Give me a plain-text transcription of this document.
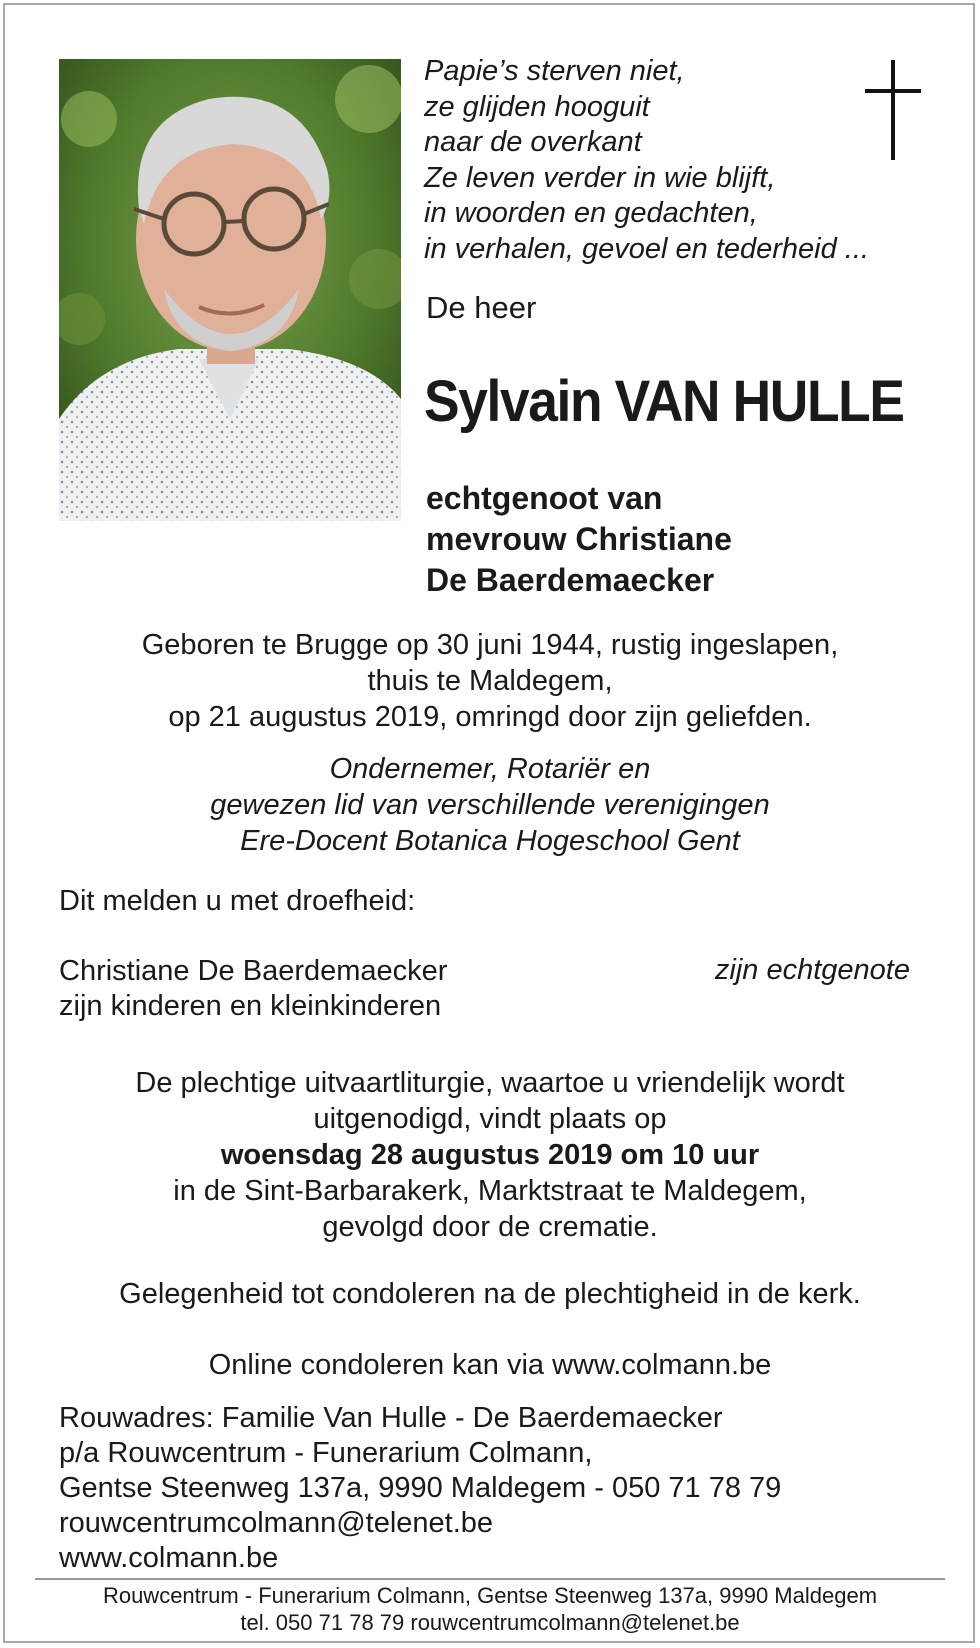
Papie’s sterven niet,
ze glijden hooguit
naar de overkant
Ze leven verder in wie blijft,
in woorden en gedachten,
in verhalen, gevoel en tederheid ...
De heer
Sylvain VAN HULLE
echtgenoot van
mevrouw Christiane
De Baerdemaecker
Geboren te Brugge op 30 juni 1944, rustig ingeslapen,
thuis te Maldegem,
op 21 augustus 2019, omringd door zijn geliefden.
Ondernemer, Rotariër en
gewezen lid van verschillende verenigingen
Ere-Docent Botanica Hogeschool Gent
Dit melden u met droefheid:
Christiane De Baerdemaecker
zijn kinderen en kleinkinderen
zijn echtgenote
De plechtige uitvaartliturgie, waartoe u vriendelijk wordt
uitgenodigd, vindt plaats op
woensdag 28 augustus 2019 om 10 uur
in de Sint-Barbarakerk, Marktstraat te Maldegem,
gevolgd door de crematie.
Gelegenheid tot condoleren na de plechtigheid in de kerk.
Online condoleren kan via www.colmann.be
Rouwadres: Familie Van Hulle - De Baerdemaecker
p/a Rouwcentrum - Funerarium Colmann,
Gentse Steenweg 137a, 9990 Maldegem - 050 71 78 79
rouwcentrumcolmann@telenet.be
www.colmann.be
Rouwcentrum - Funerarium Colmann, Gentse Steenweg 137a, 9990 Maldegem
tel. 050 71 78 79 rouwcentrumcolmann@telenet.be
